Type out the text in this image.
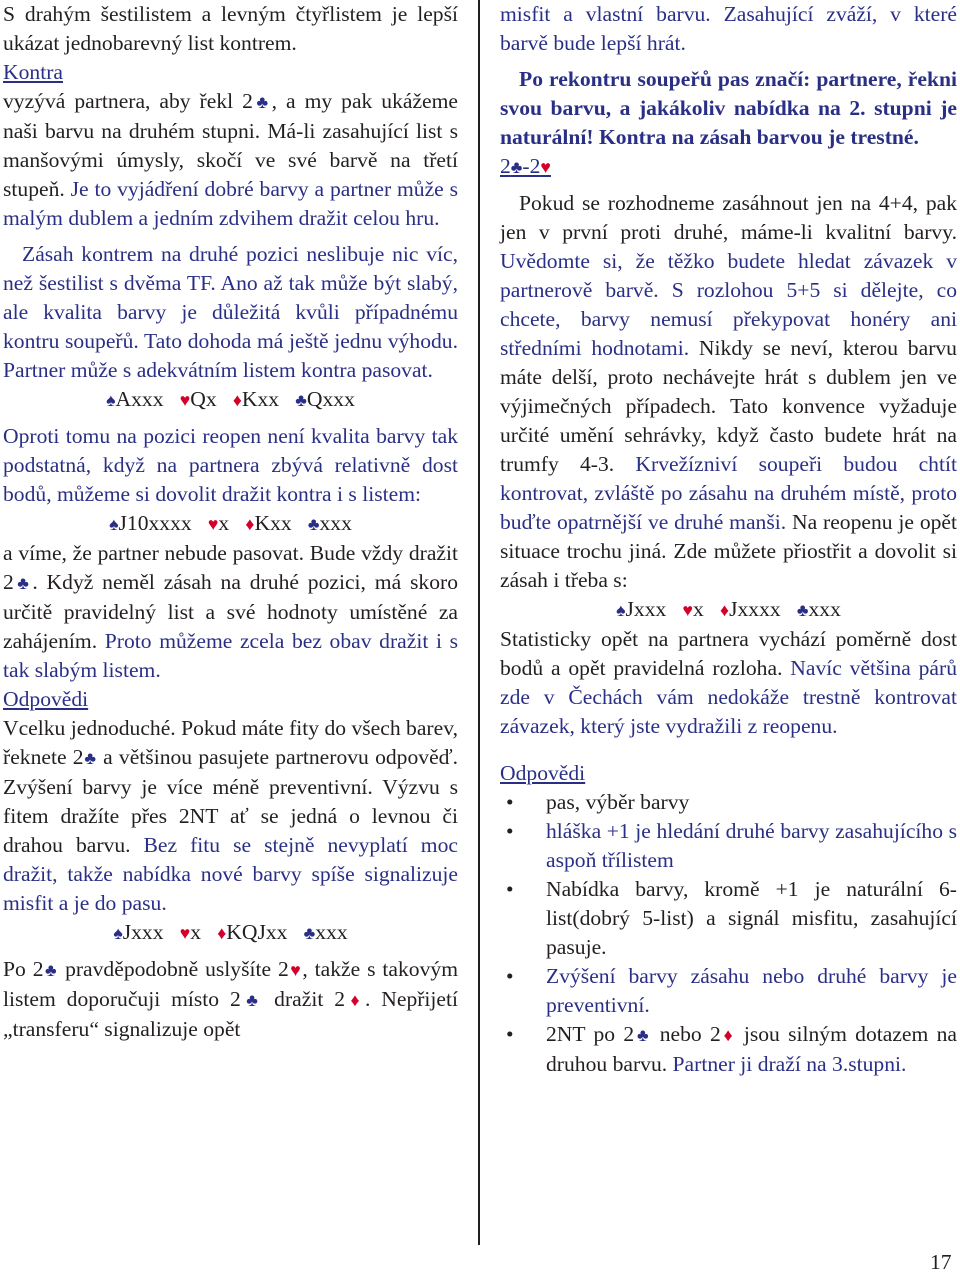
S drahým šestilistem a levným čtyřlistem je lepší ukázat jednobarevný list kontrem.

Kontra

vyzývá partnera, aby řekl 2♣, a my pak ukážeme naši barvu na druhém stupni. Má-li zasahující list s manšovými úmysly, skočí ve své barvě na třetí stupeň. Je to vyjádření dobré barvy a partner může s malým dublem a jedním zdvihem dražit celou hru.

Zásah kontrem na druhé pozici neslibuje nic víc, než šestilist s dvěma TF. Ano až tak může být slabý, ale kvalita barvy je důležitá kvůli případnému kontru soupeřů. Tato dohoda má ještě jednu výhodu. Partner může s adekvátním listem kontra pasovat.

♠Axxx ♥Qx ♦Kxx ♣Qxxx

Oproti tomu na pozici reopen není kvalita barvy tak podstatná, když na partnera zbývá relativně dost bodů, můžeme si dovolit dražit kontra i s listem:

♠J10xxxx ♥x ♦Kxx ♣xxx

a víme, že partner nebude pasovat. Bude vždy dražit 2♣. Když neměl zásah na druhé pozici, má skoro určitě pravidelný list a své hodnoty umístěné za zahájením. Proto můžeme zcela bez obav dražit i s tak slabým listem.

Odpovědi

Vcelku jednoduché. Pokud máte fity do všech barev, řeknete 2♣ a většinou pasujete partnerovu odpověď. Zvýšení barvy je více méně preventivní. Výzvu s fitem dražíte přes 2NT ať se jedná o levnou či drahou barvu. Bez fitu se stejně nevyplatí moc dražit, takže nabídka nové barvy spíše signalizuje misfit a je do pasu.

♠Jxxx ♥x ♦KQJxx ♣xxx

Po 2♣ pravděpodobně uslyšíte 2♥, takže s takovým listem doporučuji místo 2♣ dražit 2♦. Nepřijetí „transferu“ signalizuje opět

misfit a vlastní barvu. Zasahující zváží, v které barvě bude lepší hrát.

Po rekontru soupeřů pas značí: partnere, řekni svou barvu, a jakákoliv nabídka na 2. stupni je naturální! Kontra na zásah barvou je trestné.

2♣-2♥

Pokud se rozhodneme zasáhnout jen na 4+4, pak jen v první proti druhé, máme-li kvalitní barvy. Uvědomte si, že těžko budete hledat závazek v partnerově barvě. S rozlohou 5+5 si dělejte, co chcete, barvy nemusí překypovat honéry ani středními hodnotami. Nikdy se neví, kterou barvu máte delší, proto nechávejte hrát s dublem jen ve výjimečných případech. Tato konvence vyžaduje určité umění sehrávky, když často budete hrát na trumfy 4-3. Krvežízniví soupeři budou chtít kontrovat, zvláště po zásahu na druhém místě, proto buďte opatrnější ve druhé manši. Na reopenu je opět situace trochu jiná. Zde můžete přiostřit a dovolit si zásah i třeba s:

♠Jxxx ♥x ♦Jxxxx ♣xxx

Statisticky opět na partnera vychází poměrně dost bodů a opět pravidelná rozloha. Navíc většina párů zde v Čechách vám nedokáže trestně kontrovat závazek, který jste vydražili z reopenu.

Odpovědi

• pas, výběr barvy
• hláška +1 je hledání druhé barvy zasahujícího s aspoň třílistem
• Nabídka barvy, kromě +1 je naturální 6-list(dobrý 5-list) a signál misfitu, zasahující pasuje.
• Zvýšení barvy zásahu nebo druhé barvy je preventivní.
• 2NT po 2♣ nebo 2♦ jsou silným dotazem na druhou barvu. Partner ji draží na 3.stupni.
17
